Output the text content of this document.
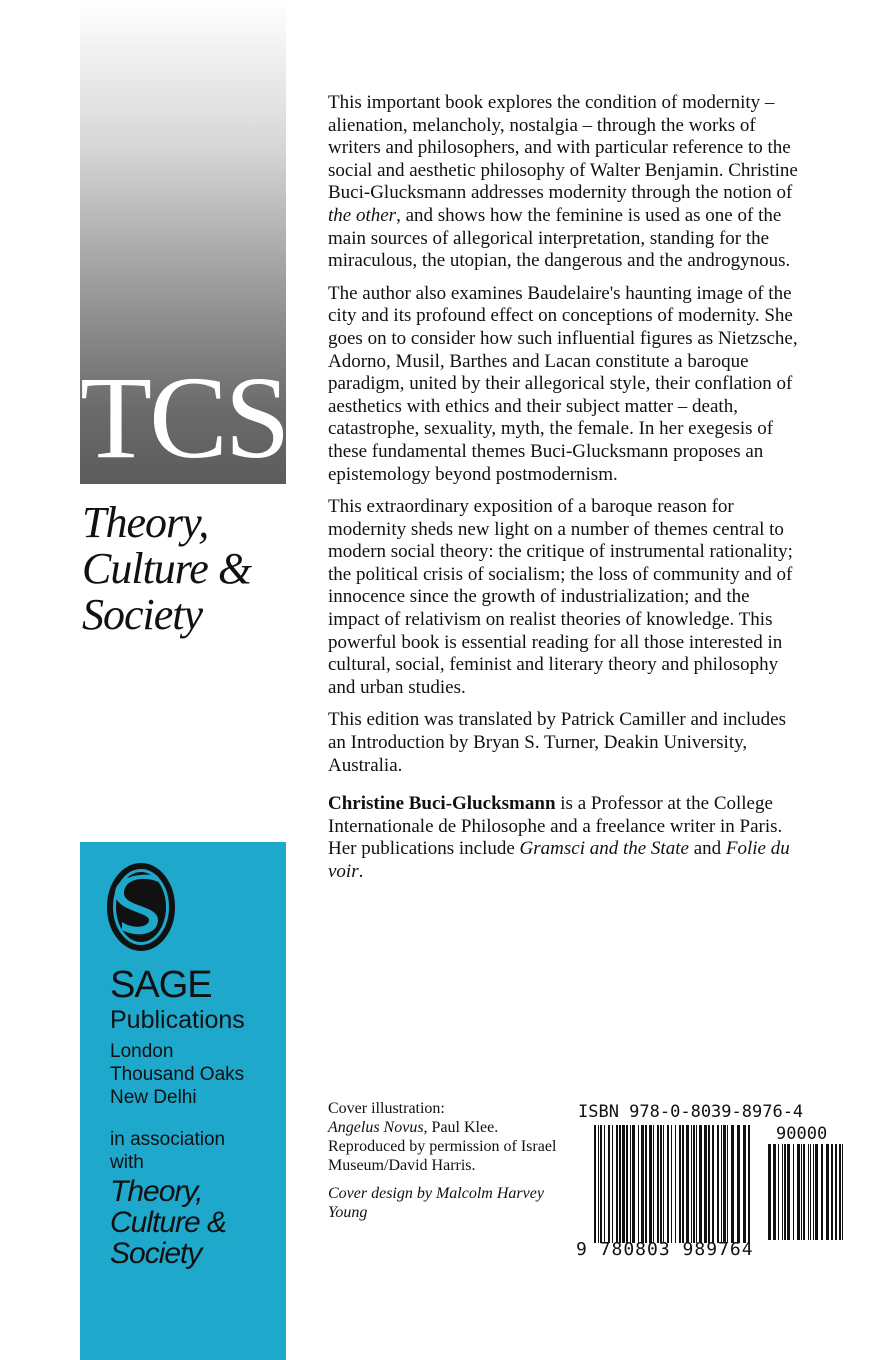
TCS
Theory,
Culture &
Society
SAGE
Publications
London
Thousand Oaks
New Delhi
in association
with
Theory,
Culture &
Society

This important book explores the condition of modernity – alienation, melancholy, nostalgia – through the works of writers and philosophers, and with particular reference to the social and aesthetic philosophy of Walter Benjamin. Christine Buci-Glucksmann addresses modernity through the notion of the other, and shows how the feminine is used as one of the main sources of allegorical interpretation, standing for the miraculous, the utopian, the dangerous and the androgynous.

The author also examines Baudelaire's haunting image of the city and its profound effect on conceptions of modernity. She goes on to consider how such influential figures as Nietzsche, Adorno, Musil, Barthes and Lacan constitute a baroque paradigm, united by their allegorical style, their conflation of aesthetics with ethics and their subject matter – death, catastrophe, sexuality, myth, the female. In her exegesis of these fundamental themes Buci-Glucksmann proposes an epistemology beyond postmodernism.

This extraordinary exposition of a baroque reason for modernity sheds new light on a number of themes central to modern social theory: the critique of instrumental rationality; the political crisis of socialism; the loss of community and of innocence since the growth of industrialization; and the impact of relativism on realist theories of knowledge. This powerful book is essential reading for all those interested in cultural, social, feminist and literary theory and philosophy and urban studies.

This edition was translated by Patrick Camiller and includes an Introduction by Bryan S. Turner, Deakin University, Australia.

Christine Buci-Glucksmann is a Professor at the College Internationale de Philosophe and a freelance writer in Paris. Her publications include Gramsci and the State and Folie du voir.

Cover illustration:
Angelus Novus, Paul Klee. Reproduced by permission of Israel Museum/David Harris.

Cover design by Malcolm Harvey Young

ISBN 978-0-8039-8976-4
90000
9 780803 989764
